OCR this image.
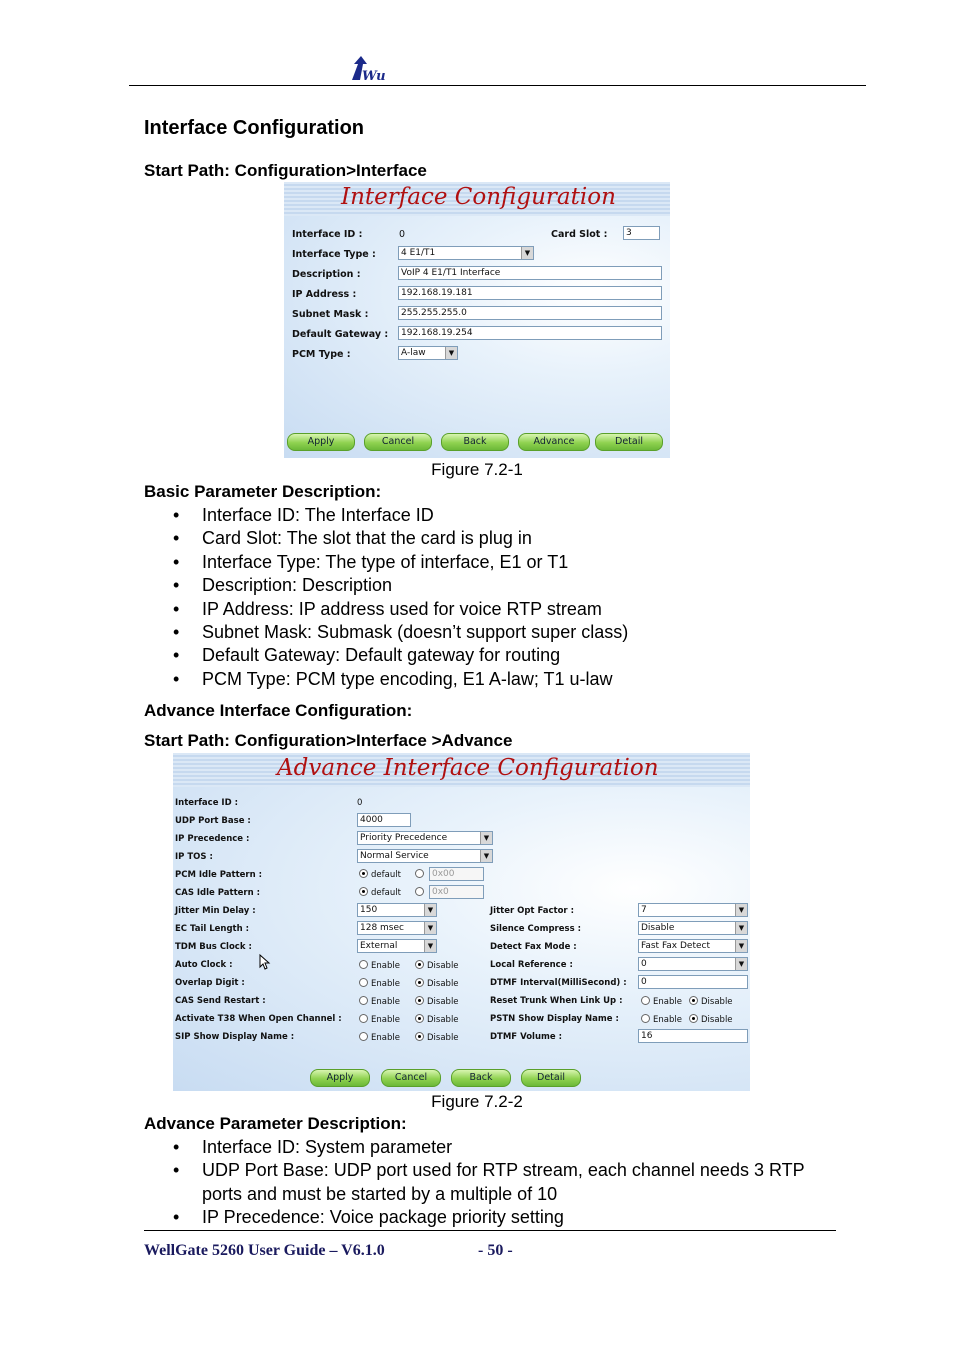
Wu
Interface Configuration
Start Path: Configuration>Interface
Interface Configuration
Interface ID :	0	Card Slot :	3
Interface Type :	4 E1/T1	▼
Description :	VoIP 4 E1/T1 Interface
IP Address :	192.168.19.181
Subnet Mask :	255.255.255.0
Default Gateway :	192.168.19.254
PCM Type :	A-law	▼
Apply	Cancel	Back	Advance	Detail
Figure 7.2-1
Basic Parameter Description:
• Interface ID: The Interface ID
• Card Slot: The slot that the card is plug in
• Interface Type: The type of interface, E1 or T1
• Description: Description
• IP Address: IP address used for voice RTP stream
• Subnet Mask: Submask (doesn’t support super class)
• Default Gateway: Default gateway for routing
• PCM Type: PCM type encoding, E1 A-law; T1 u-law
Advance Interface Configuration:
Start Path: Configuration>Interface >Advance
Advance Interface Configuration
Interface ID :	0
UDP Port Base :	4000
IP Precedence :	Priority Precedence	▼
IP TOS :	Normal Service	▼
PCM Idle Pattern :	default	0x00
CAS Idle Pattern :	default	0x0
Jitter Min Delay :	150	▼
EC Tail Length :	128 msec	▼
TDM Bus Clock :	External	▼
Auto Clock :	Enable	Disable
Overlap Digit :	Enable	Disable
CAS Send Restart :	Enable	Disable
Activate T38 When Open Channel :	Enable	Disable
SIP Show Display Name :	Enable	Disable
Jitter Opt Factor :	7	▼
Silence Compress :	Disable	▼
Detect Fax Mode :	Fast Fax Detect	▼
Local Reference :	0	▼
DTMF Interval(MilliSecond) :	0
Reset Trunk When Link Up :	Enable	Disable
PSTN Show Display Name :	Enable	Disable
DTMF Volume :	16
Apply	Cancel	Back	Detail
Figure 7.2-2
Advance Parameter Description:
• Interface ID: System parameter
• UDP Port Base: UDP port used for RTP stream, each channel needs 3 RTP ports and must be started by a multiple of 10
• IP Precedence: Voice package priority setting
WellGate 5260 User Guide – V6.1.0	- 50 -
